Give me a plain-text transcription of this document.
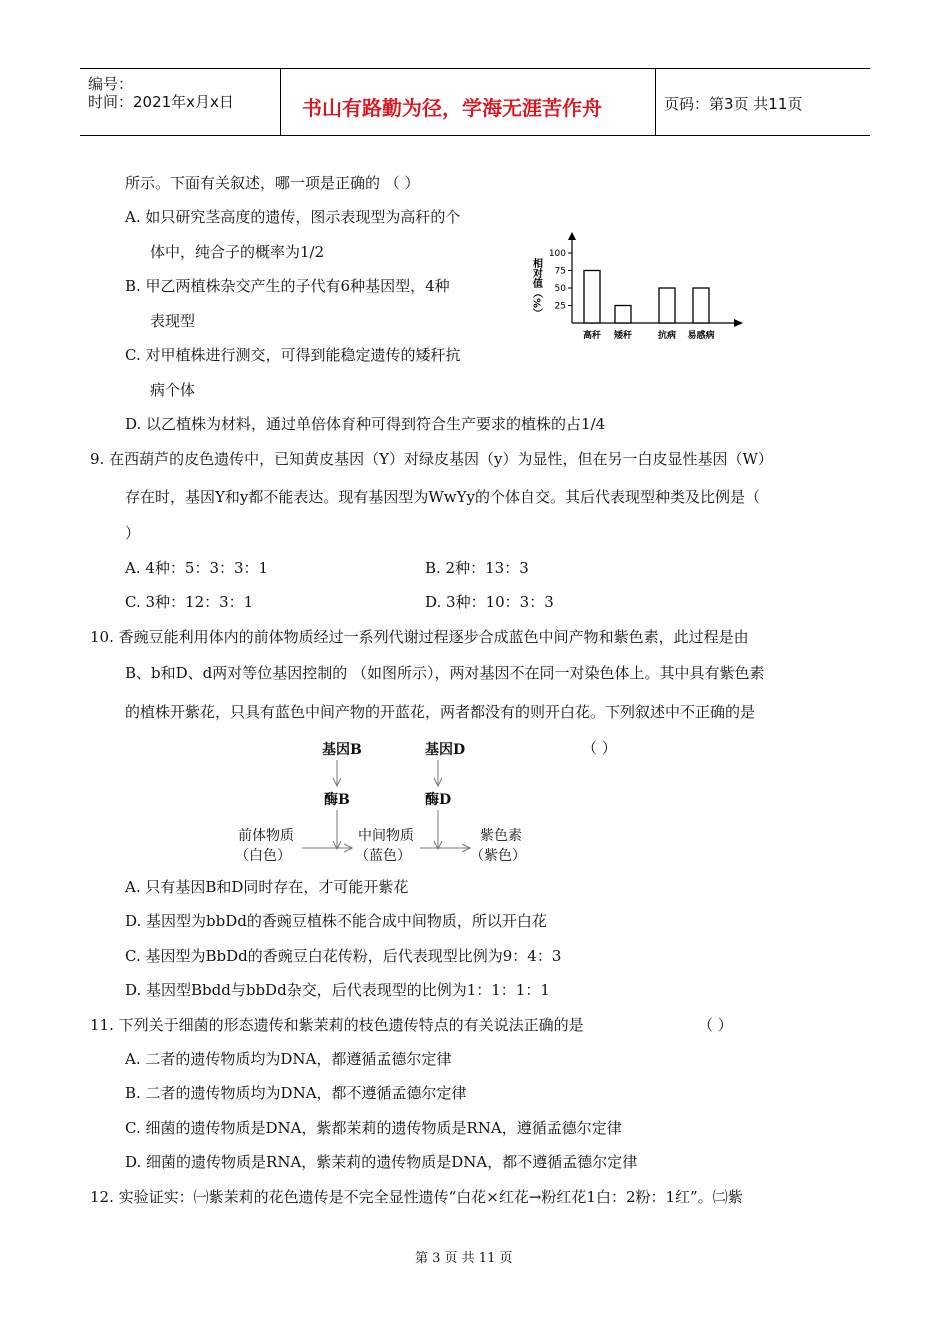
编号：
时间：2021年x月x日	书山有路勤为径，学海无涯苦作舟	页码：第3页 共11页
所示。下面有关叙述，哪一项是正确的 （ ）
A. 如只研究茎高度的遗传，图示表现型为高秆的个
体中，纯合子的概率为1/2
B. 甲乙两植株杂交产生的子代有6种基因型，4种
表现型
C. 对甲植株进行测交，可得到能稳定遗传的矮秆抗
病个体
D. 以乙植株为材料，通过单倍体育种可得到符合生产要求的植株的占1/4
相对值（%）
100
75
50
25
高秆 矮秆	抗病 易感病
9. 在西葫芦的皮色遗传中，已知黄皮基因（Y）对绿皮基因（y）为显性，但在另一白皮显性基因（W）
存在时，基因Y和y都不能表达。现有基因型为WwYy的个体自交。其后代表现型种类及比例是（
）
A. 4种：5：3：3：1	B. 2种：13：3
C. 3种：12：3：1	D. 3种：10：3：3
10. 香豌豆能利用体内的前体物质经过一系列代谢过程逐步合成蓝色中间产物和紫色素，此过程是由
B、b和D、d两对等位基因控制的 （如图所示），两对基因不在同一对染色体上。其中具有紫色素
的植株开紫花，只具有蓝色中间产物的开蓝花，两者都没有的则开白花。下列叙述中不正确的是
（ ）
基因B	基因D
酶B	酶D
前体物质
（白色）
中间物质
（蓝色）
紫色素
（紫色）
A. 只有基因B和D同时存在，才可能开紫花
D. 基因型为bbDd的香豌豆植株不能合成中间物质，所以开白花
C. 基因型为BbDd的香豌豆白花传粉，后代表现型比例为9：4：3
D. 基因型Bbdd与bbDd杂交，后代表现型的比例为1：1：1：1
11. 下列关于细菌的形态遗传和紫茉莉的枝色遗传特点的有关说法正确的是	（ ）
A. 二者的遗传物质均为DNA，都遵循孟德尔定律
B. 二者的遗传物质均为DNA，都不遵循孟德尔定律
C. 细菌的遗传物质是DNA，紫都茉莉的遗传物质是RNA，遵循孟德尔定律
D. 细菌的遗传物质是RNA，紫茉莉的遗传物质是DNA，都不遵循孟德尔定律
12. 实验证实：㈠紫茉莉的花色遗传是不完全显性遗传“白花×红花→粉红花1白：2粉：1红”。㈡紫
第 3 页 共 11 页
